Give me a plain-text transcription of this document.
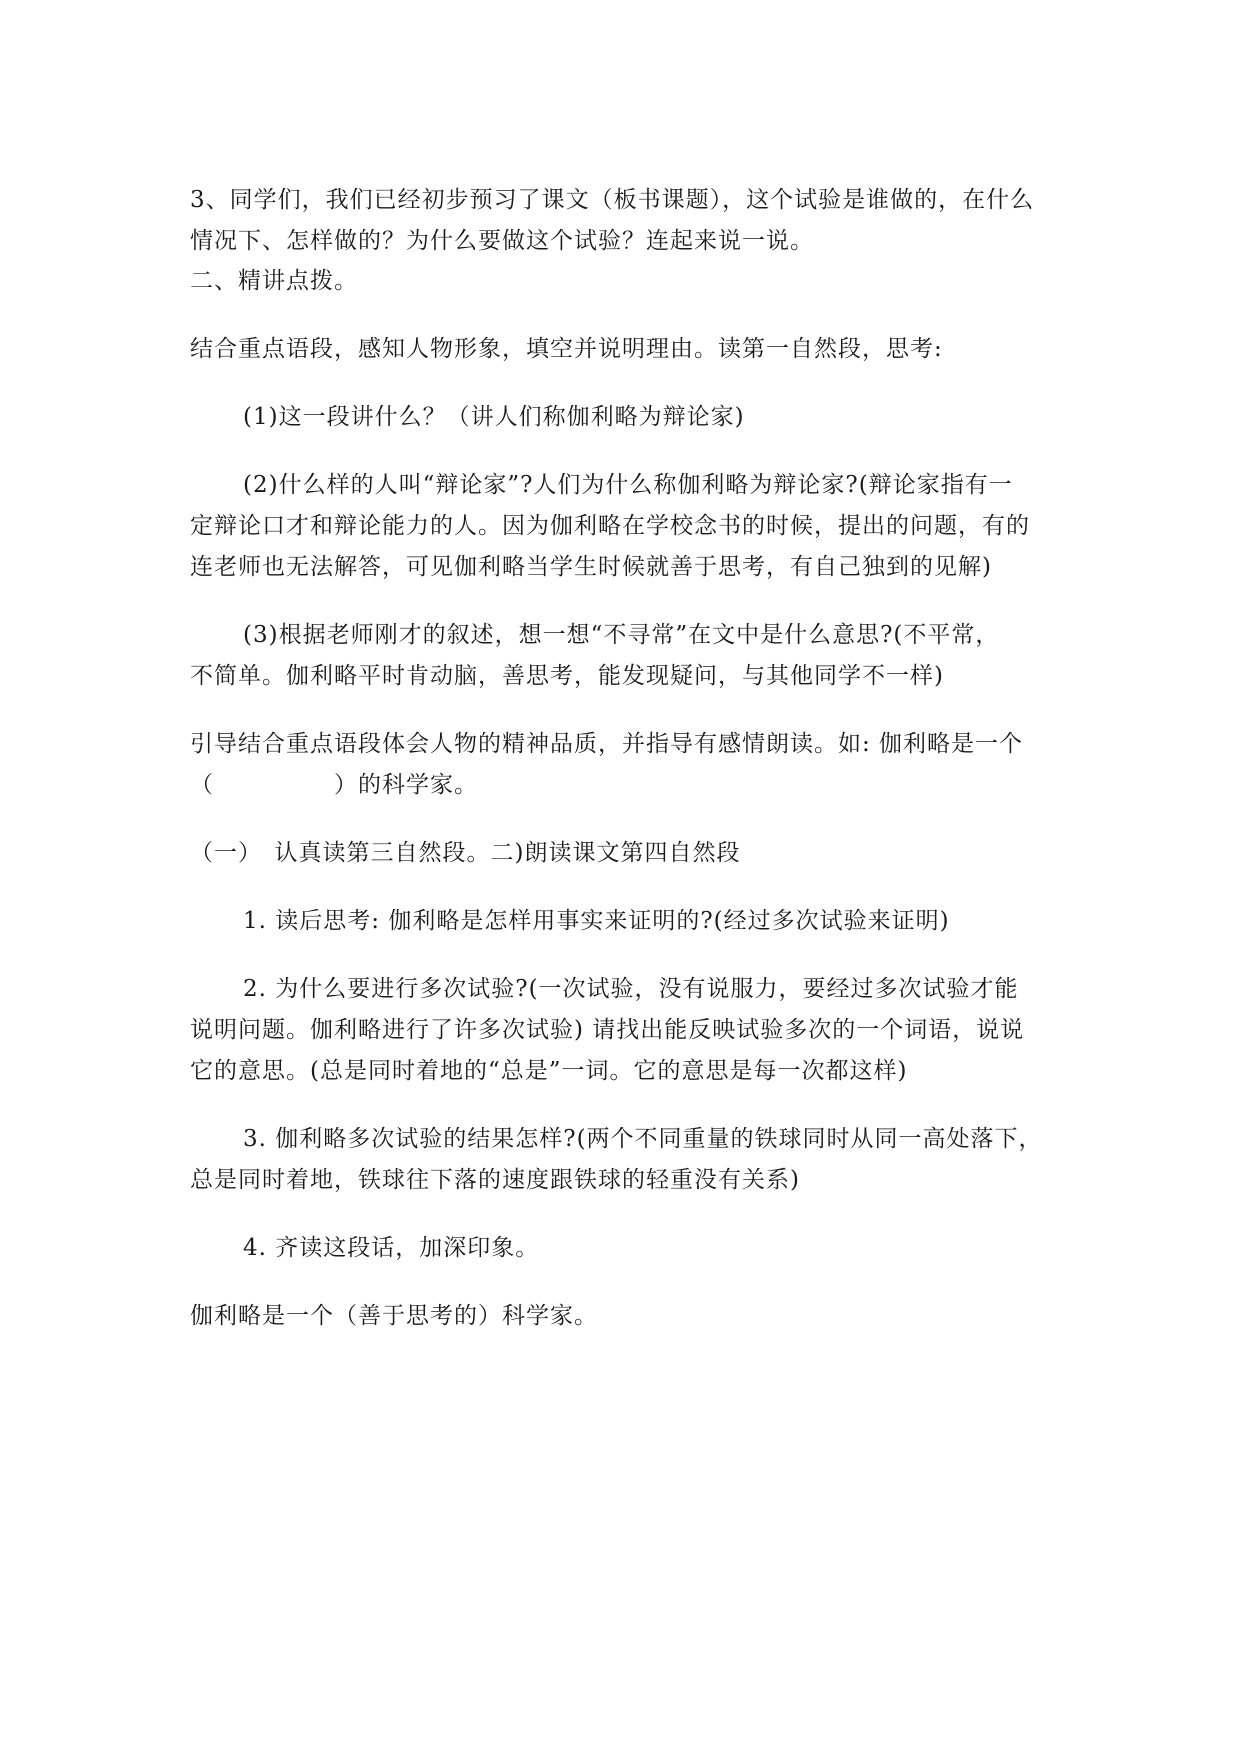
3、同学们，我们已经初步预习了课文（板书课题），这个试验是谁做的，在什么
情况下、怎样做的？为什么要做这个试验？连起来说一说。
二、精讲点拨。
结合重点语段，感知人物形象，填空并说明理由。读第一自然段，思考:
(1)这一段讲什么？（讲人们称伽利略为辩论家)
(2)什么样的人叫“辩论家”?人们为什么称伽利略为辩论家?(辩论家指有一
定辩论口才和辩论能力的人。因为伽利略在学校念书的时候，提出的问题，有的
连老师也无法解答，可见伽利略当学生时候就善于思考，有自己独到的见解)
(3)根据老师刚才的叙述，想一想“不寻常”在文中是什么意思?(不平常，
不简单。伽利略平时肯动脑，善思考，能发现疑问，与其他同学不一样)
引导结合重点语段体会人物的精神品质，并指导有感情朗读。如: 伽利略是一个
（　　　　　）的科学家。
（一）　认真读第三自然段。二)朗读课文第四自然段
1. 读后思考: 伽利略是怎样用事实来证明的?(经过多次试验来证明)
2. 为什么要进行多次试验?(一次试验，没有说服力，要经过多次试验才能
说明问题。伽利略进行了许多次试验) 请找出能反映试验多次的一个词语，说说
它的意思。(总是同时着地的“总是”一词。它的意思是每一次都这样)
3. 伽利略多次试验的结果怎样?(两个不同重量的铁球同时从同一高处落下，
总是同时着地，铁球往下落的速度跟铁球的轻重没有关系)
4. 齐读这段话，加深印象。
伽利略是一个（善于思考的）科学家。
